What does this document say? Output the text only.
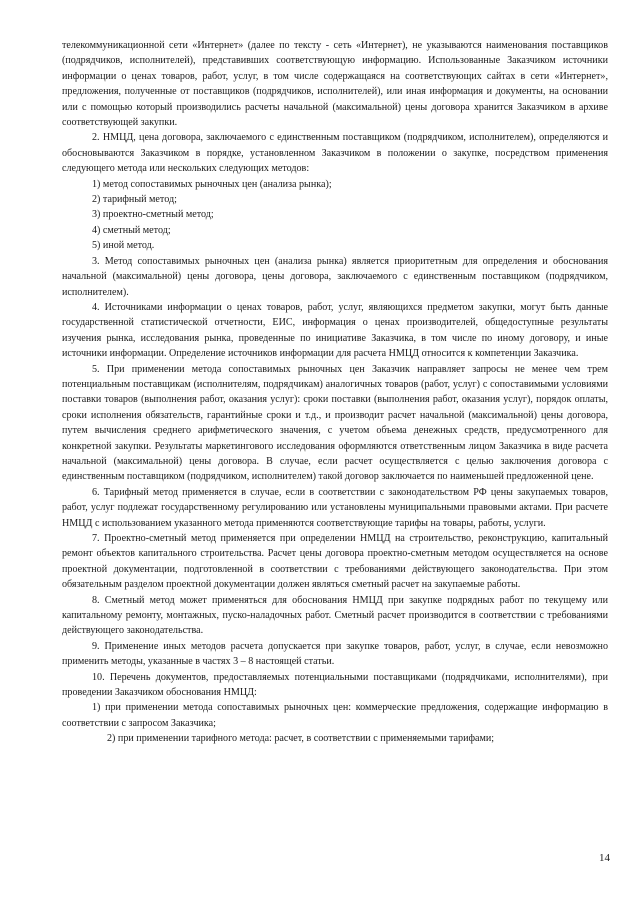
телекоммуникационной сети «Интернет» (далее по тексту - сеть «Интернет), не указываются наименования поставщиков (подрядчиков, исполнителей), представивших соответствующую информацию. Использованные Заказчиком источники информации о ценах товаров, работ, услуг, в том числе содержащаяся на соответствующих сайтах в сети «Интернет», предложения, полученные от поставщиков (подрядчиков, исполнителей), или иная информация и документы, на основании или с помощью который производились расчеты начальной (максимальной) цены договора хранится Заказчиком в архиве соответствующей закупки.

2. НМЦД, цена договора, заключаемого с единственным поставщиком (подрядчиком, исполнителем), определяются и обосновываются Заказчиком в порядке, установленном Заказчиком в положении о закупке, посредством применения следующего метода или нескольких следующих методов:

1) метод сопоставимых рыночных цен (анализа рынка);

2) тарифный метод;

3) проектно-сметный метод;

4) сметный метод;

5) иной метод.

3. Метод сопоставимых рыночных цен (анализа рынка) является приоритетным для определения и обоснования начальной (максимальной) цены договора, цены договора, заключаемого с единственным поставщиком (подрядчиком, исполнителем).

4. Источниками информации о ценах товаров, работ, услуг, являющихся предметом закупки, могут быть данные государственной статистической отчетности, ЕИС, информация о ценах производителей, общедоступные результаты изучения рынка, исследования рынка, проведенные по инициативе Заказчика, в том числе по иному договору, и иные источники информации. Определение источников информации для расчета НМЦД относится к компетенции Заказчика.

5. При применении метода сопоставимых рыночных цен Заказчик направляет запросы не менее чем трем потенциальным поставщикам (исполнителям, подрядчикам) аналогичных товаров (работ, услуг) с сопоставимыми условиями поставки товаров (выполнения работ, оказания услуг): сроки поставки (выполнения работ, оказания услуг), порядок оплаты, сроки исполнения обязательств, гарантийные сроки и т.д., и производит расчет начальной (максимальной) цены договора, путем вычисления среднего арифметического значения, с учетом объема денежных средств, предусмотренного для конкретной закупки. Результаты маркетингового исследования оформляются ответственным лицом Заказчика в виде расчета начальной (максимальной) цены договора. В случае, если расчет осуществляется с целью заключения договора с единственным поставщиком (подрядчиком, исполнителем) такой договор заключается по наименьшей предложенной цене.

6. Тарифный метод применяется в случае, если в соответствии с законодательством РФ цены закупаемых товаров, работ, услуг подлежат государственному регулированию или установлены муниципальными правовыми актами. При расчете НМЦД с использованием указанного метода применяются соответствующие тарифы на товары, работы, услуги.

7. Проектно-сметный метод применяется при определении НМЦД на строительство, реконструкцию, капитальный ремонт объектов капитального строительства. Расчет цены договора проектно-сметным методом осуществляется на основе проектной документации, подготовленной в соответствии с требованиями действующего законодательства. При этом обязательным разделом проектной документации должен являться сметный расчет на закупаемые работы.

8. Сметный метод может применяться для обоснования НМЦД при закупке подрядных работ по текущему или капитальному ремонту, монтажных, пуско-наладочных работ. Сметный расчет производится в соответствии с требованиями действующего законодательства.

9. Применение иных методов расчета допускается при закупке товаров, работ, услуг, в случае, если невозможно применить методы, указанные в частях 3 – 8 настоящей статьи.

10. Перечень документов, предоставляемых потенциальными поставщиками (подрядчиками, исполнителями), при проведении Заказчиком обоснования НМЦД:

1) при применении метода сопоставимых рыночных цен: коммерческие предложения, содержащие информацию в соответствии с запросом Заказчика;

2) при применении тарифного метода: расчет, в соответствии с применяемыми тарифами;

14
